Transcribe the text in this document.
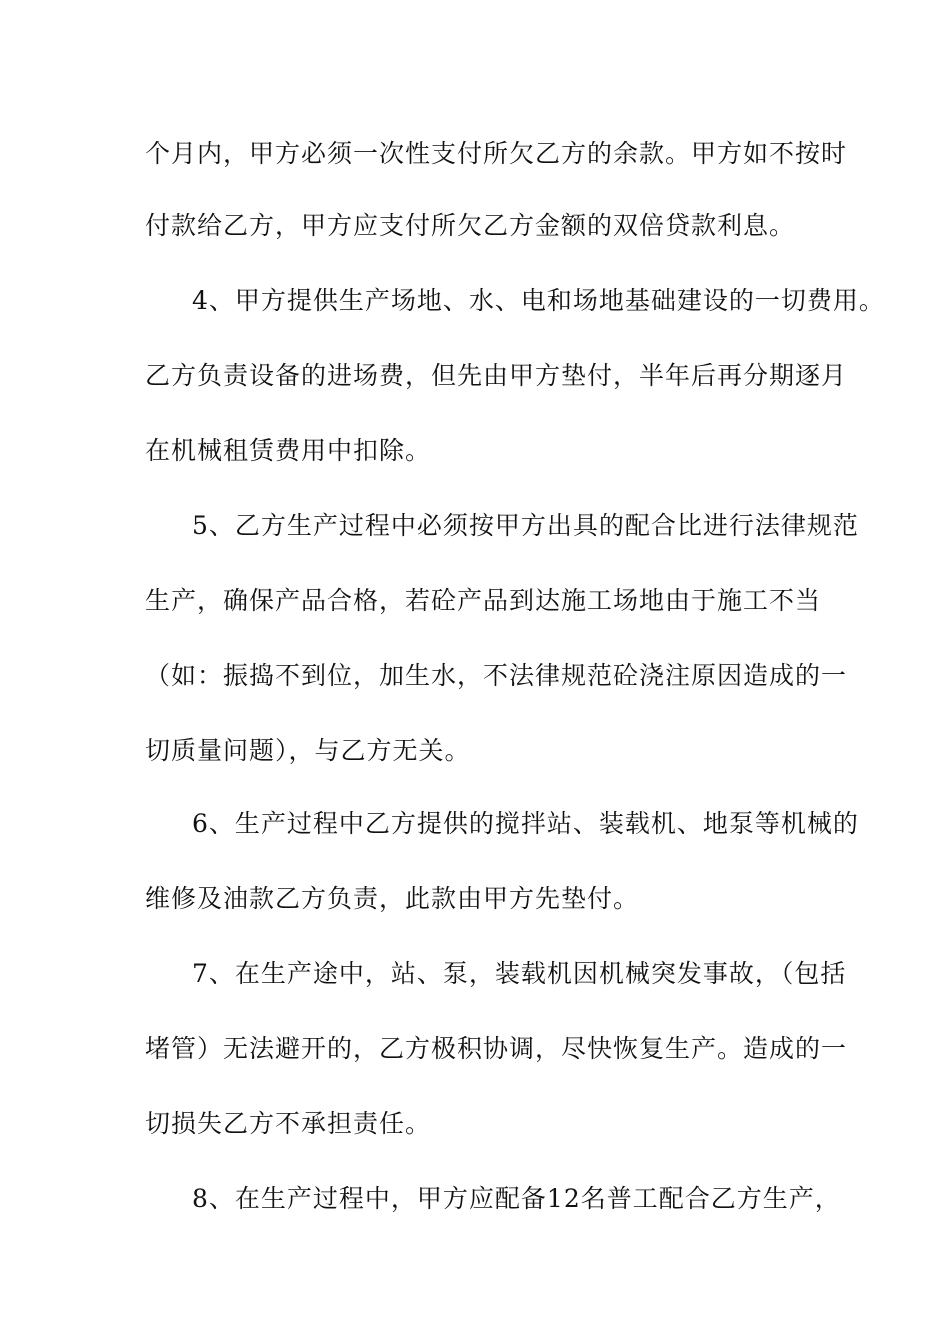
个月内，甲方必须一次性支付所欠乙方的余款。甲方如不按时
付款给乙方，甲方应支付所欠乙方金额的双倍贷款利息。
4、甲方提供生产场地、水、电和场地基础建设的一切费用。
乙方负责设备的进场费，但先由甲方垫付，半年后再分期逐月
在机械租赁费用中扣除。
5、乙方生产过程中必须按甲方出具的配合比进行法律规范
生产，确保产品合格，若砼产品到达施工场地由于施工不当
（如：振捣不到位，加生水，不法律规范砼浇注原因造成的一
切质量问题），与乙方无关。
6、生产过程中乙方提供的搅拌站、装载机、地泵等机械的
维修及油款乙方负责，此款由甲方先垫付。
7、在生产途中，站、泵，装载机因机械突发事故，（包括
堵管）无法避开的，乙方极积协调，尽快恢复生产。造成的一
切损失乙方不承担责任。
8、在生产过程中，甲方应配备12名普工配合乙方生产，
